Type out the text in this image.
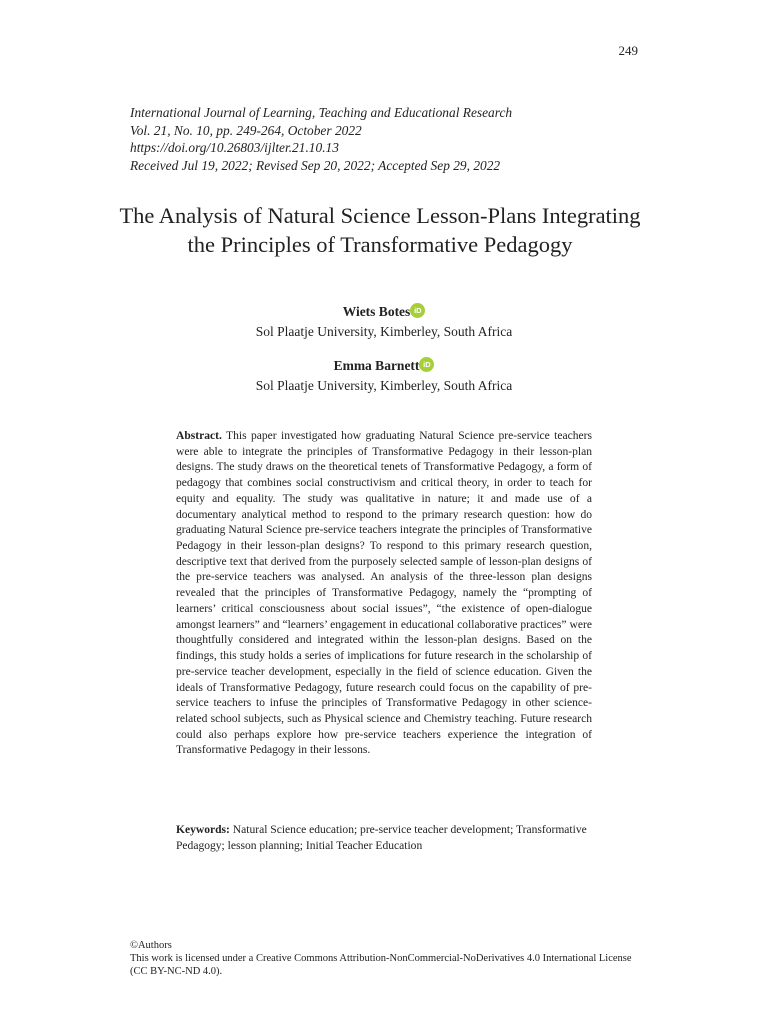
249
International Journal of Learning, Teaching and Educational Research
Vol. 21, No. 10, pp. 249-264, October 2022
https://doi.org/10.26803/ijlter.21.10.13
Received Jul 19, 2022; Revised Sep 20, 2022; Accepted Sep 29, 2022
The Analysis of Natural Science Lesson-Plans Integrating the Principles of Transformative Pedagogy
Wiets Botes iD
Sol Plaatje University, Kimberley, South Africa
Emma Barnett iD
Sol Plaatje University, Kimberley, South Africa
Abstract. This paper investigated how graduating Natural Science pre-service teachers were able to integrate the principles of Transformative Pedagogy in their lesson-plan designs. The study draws on the theoretical tenets of Transformative Pedagogy, a form of pedagogy that combines social constructivism and critical theory, in order to teach for equity and equality. The study was qualitative in nature; it and made use of a documentary analytical method to respond to the primary research question: how do graduating Natural Science pre-service teachers integrate the principles of Transformative Pedagogy in their lesson-plan designs? To respond to this primary research question, descriptive text that derived from the purposely selected sample of lesson-plan designs of the pre-service teachers was analysed. An analysis of the three-lesson plan designs revealed that the principles of Transformative Pedagogy, namely the “prompting of learners’ critical consciousness about social issues”, “the existence of open-dialogue amongst learners” and “learners’ engagement in educational collaborative practices” were thoughtfully considered and integrated within the lesson-plan designs. Based on the findings, this study holds a series of implications for future research in the scholarship of pre-service teacher development, especially in the field of science education. Given the ideals of Transformative Pedagogy, future research could focus on the capability of pre-service teachers to infuse the principles of Transformative Pedagogy in other science-related school subjects, such as Physical science and Chemistry teaching. Future research could also perhaps explore how pre-service teachers experience the integration of Transformative Pedagogy in their lessons.
Keywords: Natural Science education; pre-service teacher development; Transformative Pedagogy; lesson planning; Initial Teacher Education
©Authors
This work is licensed under a Creative Commons Attribution-NonCommercial-NoDerivatives 4.0 International License (CC BY-NC-ND 4.0).
